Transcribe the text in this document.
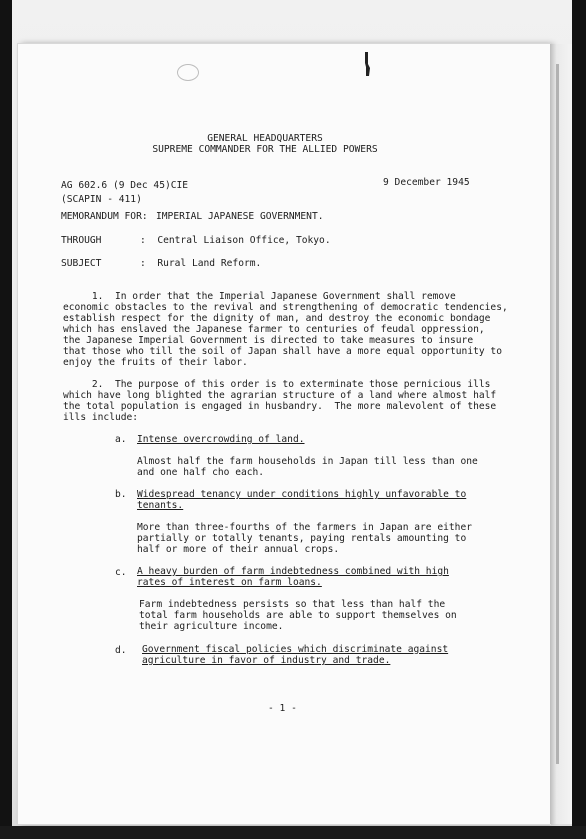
GENERAL HEADQUARTERS

SUPREME COMMANDER FOR THE ALLIED POWERS

AG 602.6 (9 Dec 45)CIE	9 December 1945

(SCAPIN - 411)

MEMORANDUM FOR: IMPERIAL JAPANESE GOVERNMENT.

THROUGH	:  Central Liaison Office, Tokyo.

SUBJECT	:  Rural Land Reform.

1.  In order that the Imperial Japanese Government shall remove

economic obstacles to the revival and strengthening of democratic tendencies,

establish respect for the dignity of man, and destroy the economic bondage

which has enslaved the Japanese farmer to centuries of feudal oppression,

the Japanese Imperial Government is directed to take measures to insure

that those who till the soil of Japan shall have a more equal opportunity to

enjoy the fruits of their labor.

2.  The purpose of this order is to exterminate those pernicious ills

which have long blighted the agrarian structure of a land where almost half

the total population is engaged in husbandry.  The more malevolent of these

ills include:

a. Intense overcrowding of land.

Almost half the farm households in Japan till less than one

and one half cho each.

b. Widespread tenancy under conditions highly unfavorable to

tenants.

More than three-fourths of the farmers in Japan are either

partially or totally tenants, paying rentals amounting to

half or more of their annual crops.

c. A heavy burden of farm indebtedness combined with high

rates of interest on farm loans.

Farm indebtedness persists so that less than half the

total farm households are able to support themselves on

their agriculture income.

d. Government fiscal policies which discriminate against

agriculture in favor of industry and trade.

- 1 -
